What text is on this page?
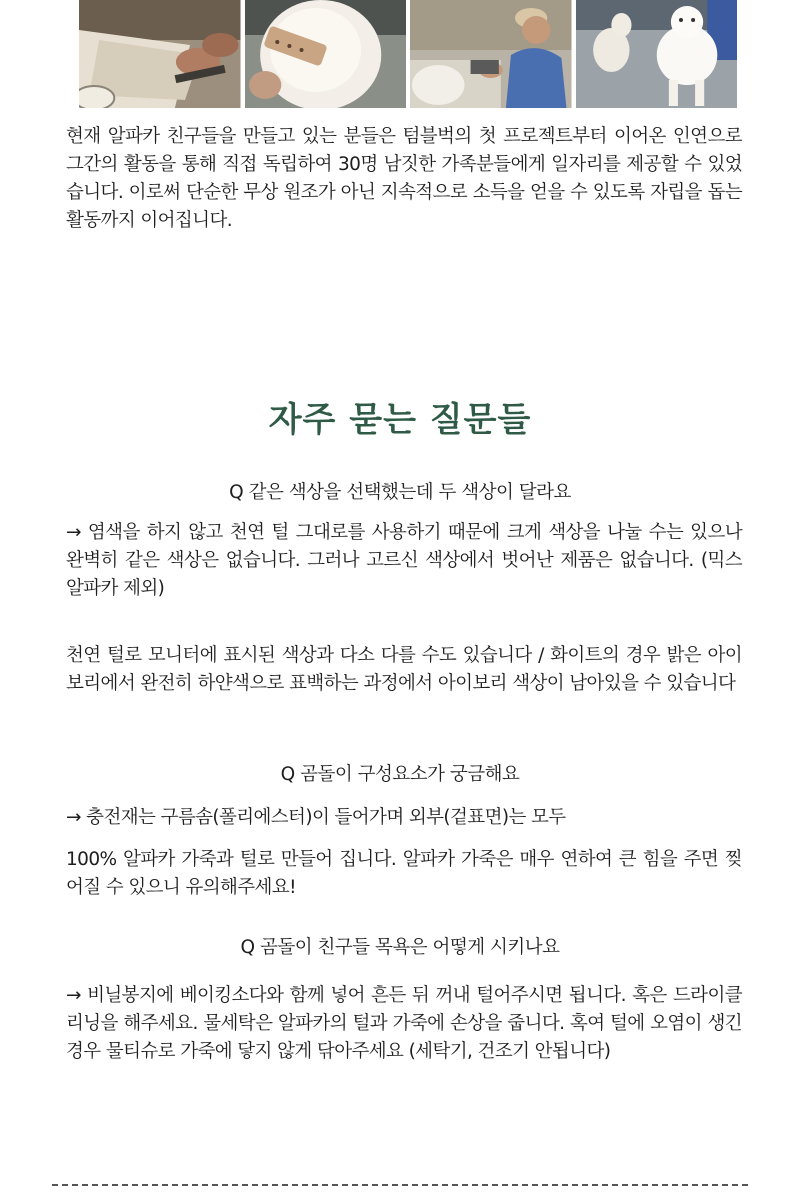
현재 알파카 친구들을 만들고 있는 분들은 텀블벅의 첫 프로젝트부터 이어온 인연으로 그간의 활동을 통해 직접 독립하여 30명 남짓한 가족분들에게 일자리를 제공할 수 있었습니다. 이로써 단순한 무상 원조가 아닌 지속적으로 소득을 얻을 수 있도록 자립을 돕는 활동까지 이어집니다.

자주 묻는 질문들

Q 같은 색상을 선택했는데 두 색상이 달라요

→ 염색을 하지 않고 천연 털 그대로를 사용하기 때문에 크게 색상을 나눌 수는 있으나 완벽히 같은 색상은 없습니다. 그러나 고르신 색상에서 벗어난 제품은 없습니다. (믹스 알파카 제외)

천연 털로 모니터에 표시된 색상과 다소 다를 수도 있습니다 / 화이트의 경우 밝은 아이보리에서 완전히 하얀색으로 표백하는 과정에서 아이보리 색상이 남아있을 수 있습니다

Q 곰돌이 구성요소가 궁금해요

→ 충전재는 구름솜(폴리에스터)이 들어가며 외부(겉표면)는 모두

100% 알파카 가죽과 털로 만들어 집니다. 알파카 가죽은 매우 연하여 큰 힘을 주면 찢어질 수 있으니 유의해주세요!

Q 곰돌이 친구들 목욕은 어떻게 시키나요

→ 비닐봉지에 베이킹소다와 함께 넣어 흔든 뒤 꺼내 털어주시면 됩니다. 혹은 드라이클리닝을 해주세요. 물세탁은 알파카의 털과 가죽에 손상을 줍니다. 혹여 털에 오염이 생긴 경우 물티슈로 가죽에 닿지 않게 닦아주세요 (세탁기, 건조기 안됩니다)
